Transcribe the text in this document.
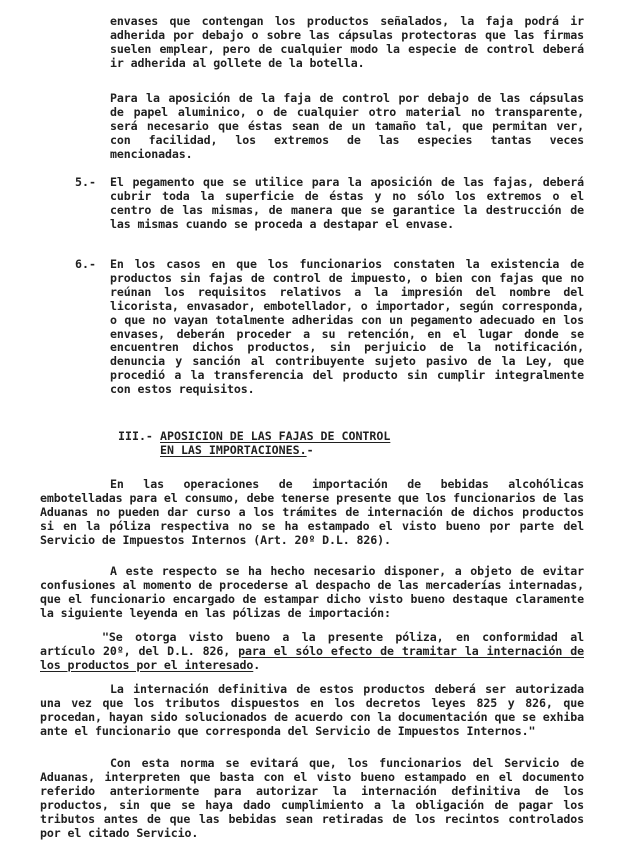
envases que contengan los productos señalados, la faja podrá ir adherida por debajo o sobre las cápsulas protectoras que las firmas suelen emplear, pero de cualquier modo la especie de control deberá ir adherida al gollete de la botella.

Para la aposición de la faja de control por debajo de las cápsulas de papel aluminico, o de cualquier otro material no transparente, será necesario que éstas sean de un tamaño tal, que permitan ver, con facilidad, los extremos de las especies tantas veces mencionadas.

5.- El pegamento que se utilice para la aposición de las fajas, deberá cubrir toda la superficie de éstas y no sólo los extremos o el centro de las mismas, de manera que se garantice la destrucción de las mismas cuando se proceda a destapar el envase.

6.- En los casos en que los funcionarios constaten la existencia de productos sin fajas de control de impuesto, o bien con fajas que no reúnan los requisitos relativos a la impresión del nombre del licorista, envasador, embotellador, o importador, según corresponda, o que no vayan totalmente adheridas con un pegamento adecuado en los envases, deberán proceder a su retención, en el lugar donde se encuentren dichos productos, sin perjuicio de la notificación, denuncia y sanción al contribuyente sujeto pasivo de la Ley, que procedió a la transferencia del producto sin cumplir integralmente con estos requisitos.

III.- APOSICION DE LAS FAJAS DE CONTROL
EN LAS IMPORTACIONES.-

En las operaciones de importación de bebidas alcohólicas embotelladas para el consumo, debe tenerse presente que los funcionarios de las Aduanas no pueden dar curso a los trámites de internación de dichos productos si en la póliza respectiva no se ha estampado el visto bueno por parte del Servicio de Impuestos Internos (Art. 20º D.L. 826).

A este respecto se ha hecho necesario disponer, a objeto de evitar confusiones al momento de procederse al despacho de las mercaderías internadas, que el funcionario encargado de estampar dicho visto bueno destaque claramente la siguiente leyenda en las pólizas de importación:

"Se otorga visto bueno a la presente póliza, en conformidad al artículo 20º, del D.L. 826, para el sólo efecto de tramitar la internación de los productos por el interesado.

La internación definitiva de estos productos deberá ser autorizada una vez que los tributos dispuestos en los decretos leyes 825 y 826, que procedan, hayan sido solucionados de acuerdo con la documentación que se exhiba ante el funcionario que corresponda del Servicio de Impuestos Internos."

Con esta norma se evitará que, los funcionarios del Servicio de Aduanas, interpreten que basta con el visto bueno estampado en el documento referido anteriormente para autorizar la internación definitiva de los productos, sin que se haya dado cumplimiento a la obligación de pagar los tributos antes de que las bebidas sean retiradas de los recintos controlados por el citado Servicio.
